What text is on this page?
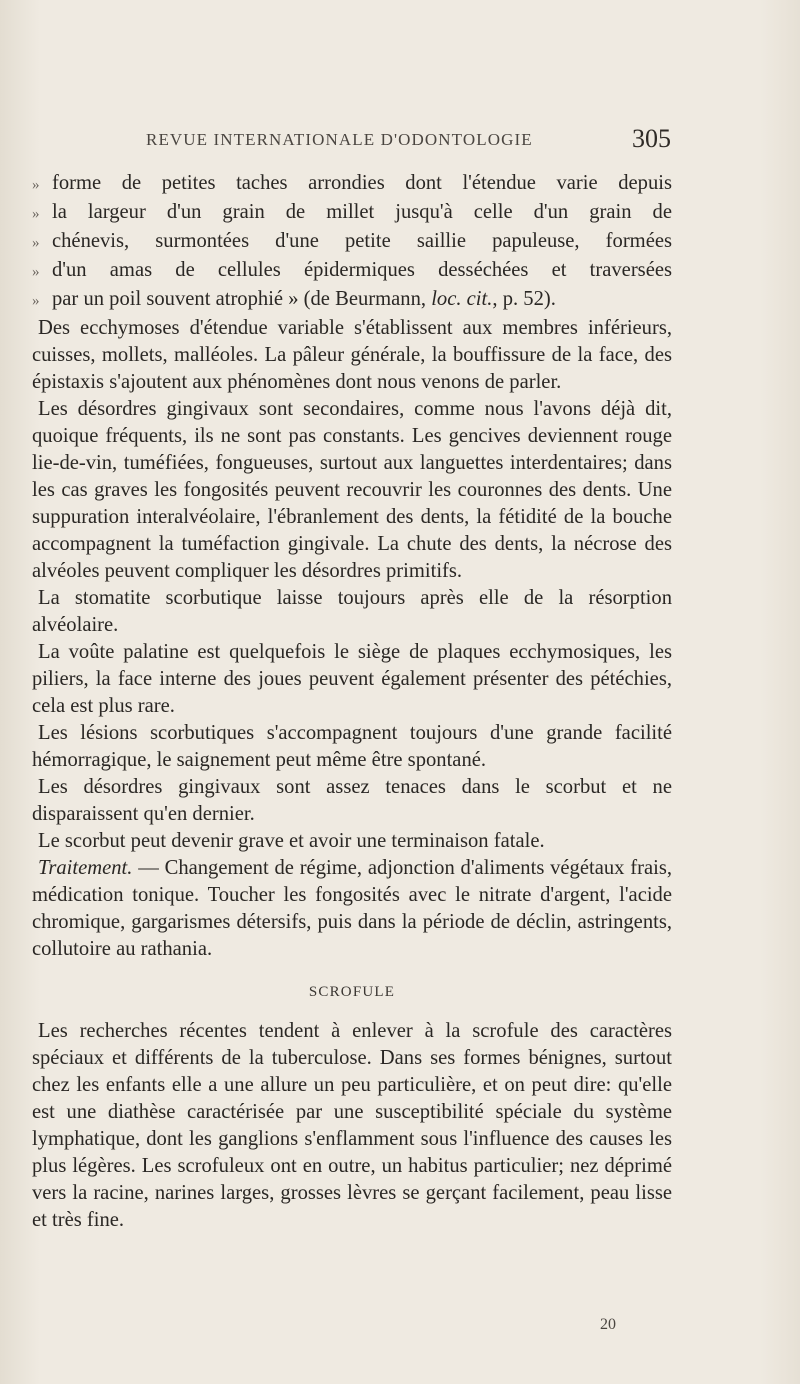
REVUE INTERNATIONALE D'ODONTOLOGIE	305

» forme de petites taches arrondies dont l'étendue varie depuis
» la largeur d'un grain de millet jusqu'à celle d'un grain de
» chénevis, surmontées d'une petite saillie papuleuse, formées
» d'un amas de cellules épidermiques desséchées et traversées
» par un poil souvent atrophié » (de Beurmann, loc. cit., p. 52).

Des ecchymoses d'étendue variable s'établissent aux membres inférieurs, cuisses, mollets, malléoles. La pâleur générale, la bouffissure de la face, des épistaxis s'ajoutent aux phénomènes dont nous venons de parler.

Les désordres gingivaux sont secondaires, comme nous l'avons déjà dit, quoique fréquents, ils ne sont pas constants. Les gencives deviennent rouge lie-de-vin, tuméfiées, fongueuses, surtout aux languettes interdentaires; dans les cas graves les fongosités peuvent recouvrir les couronnes des dents. Une suppuration interalvéolaire, l'ébranlement des dents, la fétidité de la bouche accompagnent la tuméfaction gingivale. La chute des dents, la nécrose des alvéoles peuvent compliquer les désordres primitifs.

La stomatite scorbutique laisse toujours après elle de la résorption alvéolaire.

La voûte palatine est quelquefois le siège de plaques ecchymosiques, les piliers, la face interne des joues peuvent également présenter des pétéchies, cela est plus rare.

Les lésions scorbutiques s'accompagnent toujours d'une grande facilité hémorragique, le saignement peut même être spontané.

Les désordres gingivaux sont assez tenaces dans le scorbut et ne disparaissent qu'en dernier.

Le scorbut peut devenir grave et avoir une terminaison fatale.

Traitement. — Changement de régime, adjonction d'aliments végétaux frais, médication tonique. Toucher les fongosités avec le nitrate d'argent, l'acide chromique, gargarismes détersifs, puis dans la période de déclin, astringents, collutoire au rathania.

SCROFULE

Les recherches récentes tendent à enlever à la scrofule des caractères spéciaux et différents de la tuberculose. Dans ses formes bénignes, surtout chez les enfants elle a une allure un peu particulière, et on peut dire: qu'elle est une diathèse caractérisée par une susceptibilité spéciale du système lymphatique, dont les ganglions s'enflamment sous l'influence des causes les plus légères. Les scrofuleux ont en outre, un habitus particulier; nez déprimé vers la racine, narines larges, grosses lèvres se gerçant facilement, peau lisse et très fine.

20
